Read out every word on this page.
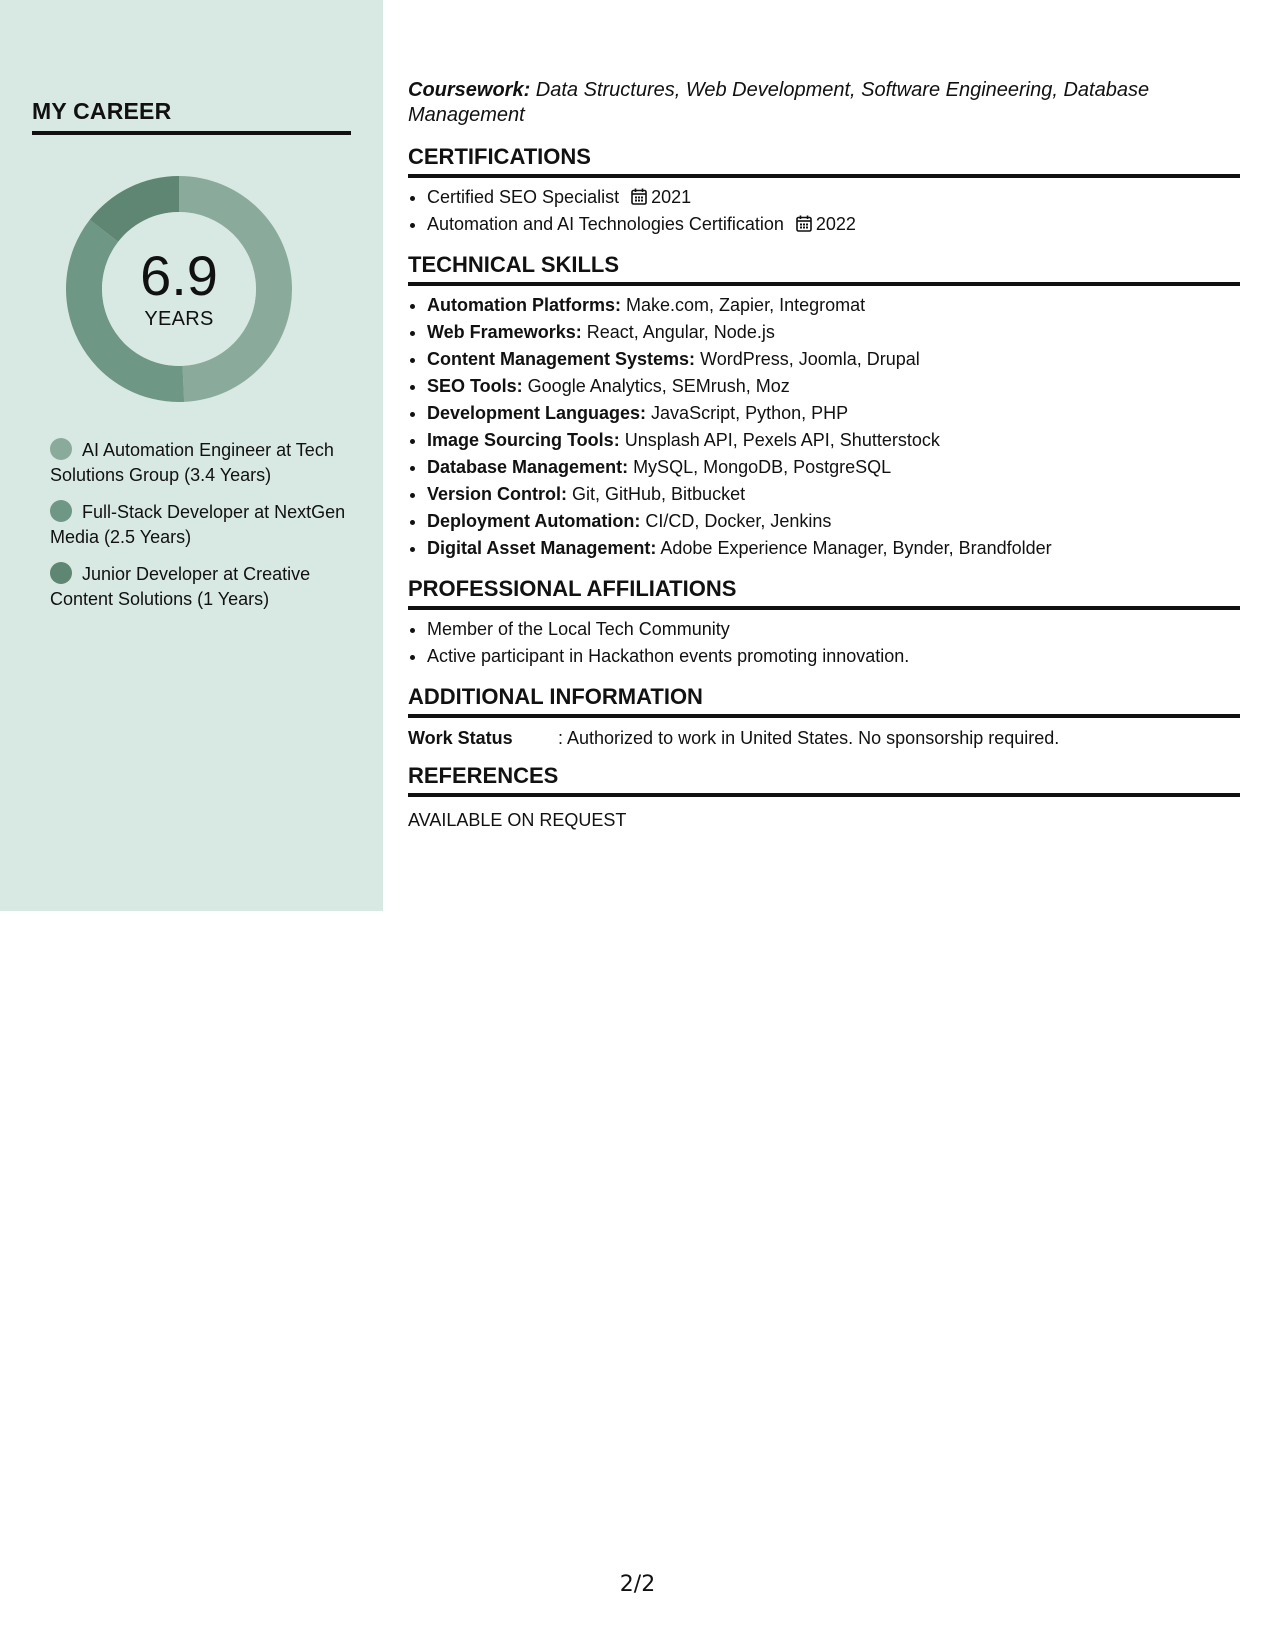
MY CAREER
6.9
YEARS
AI Automation Engineer at Tech Solutions Group (3.4 Years)
Full-Stack Developer at NextGen Media (2.5 Years)
Junior Developer at Creative Content Solutions (1 Years)

Coursework: Data Structures, Web Development, Software Engineering, Database Management

CERTIFICATIONS
• Certified SEO Specialist 2021
• Automation and AI Technologies Certification 2022
TECHNICAL SKILLS
• Automation Platforms: Make.com, Zapier, Integromat
• Web Frameworks: React, Angular, Node.js
• Content Management Systems: WordPress, Joomla, Drupal
• SEO Tools: Google Analytics, SEMrush, Moz
• Development Languages: JavaScript, Python, PHP
• Image Sourcing Tools: Unsplash API, Pexels API, Shutterstock
• Database Management: MySQL, MongoDB, PostgreSQL
• Version Control: Git, GitHub, Bitbucket
• Deployment Automation: CI/CD, Docker, Jenkins
• Digital Asset Management: Adobe Experience Manager, Bynder, Brandfolder
PROFESSIONAL AFFILIATIONS
• Member of the Local Tech Community
• Active participant in Hackathon events promoting innovation.
ADDITIONAL INFORMATION
Work Status	: Authorized to work in United States. No sponsorship required.
REFERENCES
AVAILABLE ON REQUEST
2/2
